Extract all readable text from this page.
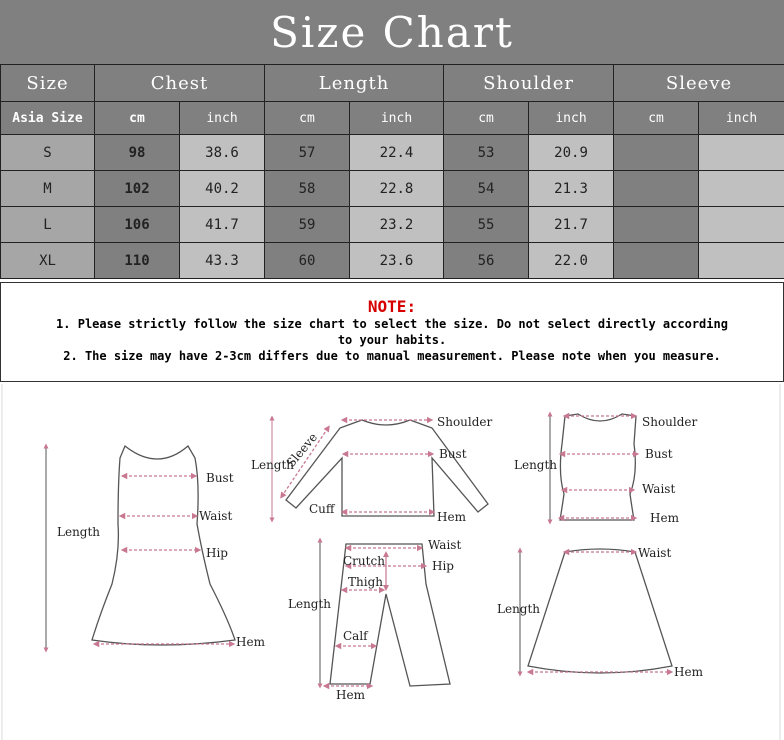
Size Chart
Size	Chest		Length		Shoulder		Sleeve	
Asia Size	cm	inch	cm	inch	cm	inch	cm	inch
S	98	38.6	57	22.4	53	20.9		
M	102	40.2	58	22.8	54	21.3		
L	106	41.7	59	23.2	55	21.7		
XL	110	43.3	60	23.6	56	22.0		
NOTE:
1. Please strictly follow the size chart to select the size. Do not select directly according
to your habits.
2. The size may have 2-3cm differs due to manual measurement. Please note when you measure.
Length
Bust
Waist
Hip
Hem
Shoulder
Sleeve
Length
Bust
Cuff
Hem
Shoulder
Length
Bust
Waist
Hem
Waist
Crutch	Hip
Thigh
Length
Calf
Hem
Waist
Length
Hem
